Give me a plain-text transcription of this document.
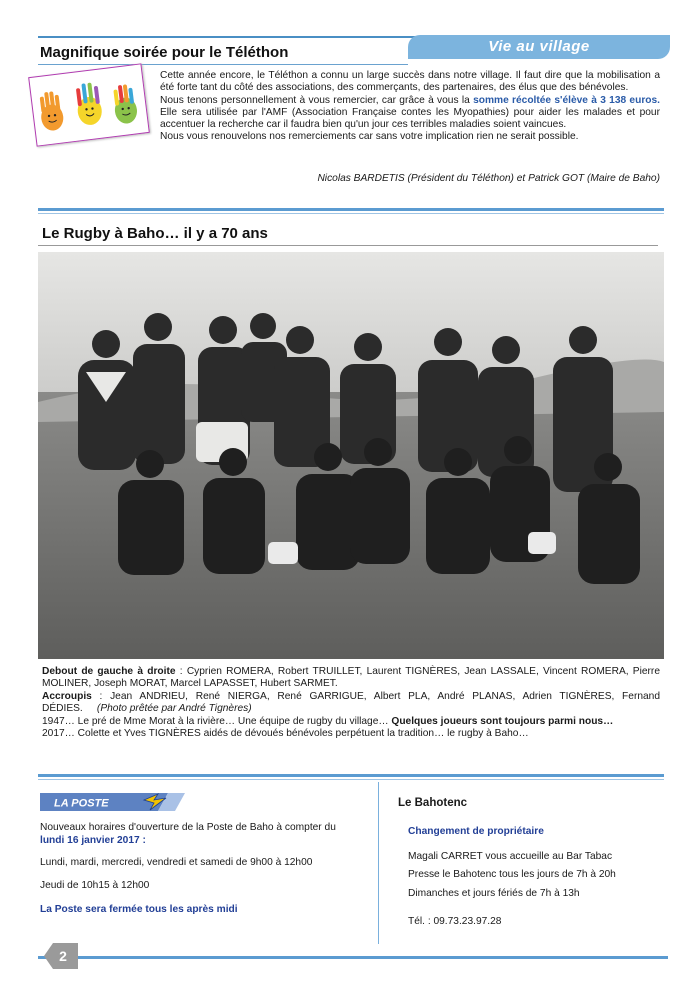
Vie au village
Magnifique soirée pour le Téléthon

Cette année encore, le Téléthon a connu un large succès dans notre village. Il faut dire que la mobilisation a été forte tant du côté des associations, des commerçants, des partenaires, des élus que des bénévoles.

Nous tenons personnellement à vous remercier, car grâce à vous la somme récoltée s'élève à 3 138 euros. Elle sera utilisée par l'AMF (Association Française contes les Myopathies) pour aider les malades et pour accentuer la recherche car il faudra bien qu'un jour ces terribles maladies soient vaincues.

Nous vous renouvelons nos remerciements car sans votre implication rien ne serait possible.

Nicolas BARDETIS (Président du Téléthon) et Patrick GOT (Maire de Baho)
Le Rugby à Baho… il y a 70 ans

Debout de gauche à droite : Cyprien ROMERA, Robert TRUILLET, Laurent TIGNÈRES, Jean LASSALE, Vincent ROMERA, Pierre MOLINER, Joseph MORAT, Marcel LAPASSET, Hubert SARMET.

Accroupis : Jean ANDRIEU, René NIERGA, René GARRIGUE, Albert PLA, André PLANAS, Adrien TIGNÈRES, Fernand DÉDIES. (Photo prêtée par André Tignères)

1947… Le pré de Mme Morat à la rivière… Une équipe de rugby du village… Quelques joueurs sont toujours parmi nous…

2017… Colette et Yves TIGNÈRES aidés de dévoués bénévoles perpétuent la tradition… le rugby à Baho…

LA POSTE

Nouveaux horaires d'ouverture de la Poste de Baho à compter du lundi 16 janvier 2017 :

Lundi, mardi, mercredi, vendredi et samedi de 9h00 à 12h00

Jeudi de 10h15 à 12h00

La Poste sera fermée tous les après midi

Le Bahotenc

Changement de propriétaire

Magali CARRET vous accueille au Bar Tabac

Presse le Bahotenc tous les jours de 7h à 20h

Dimanches et jours fériés de 7h à 13h

Tél. : 09.73.23.97.28

2
